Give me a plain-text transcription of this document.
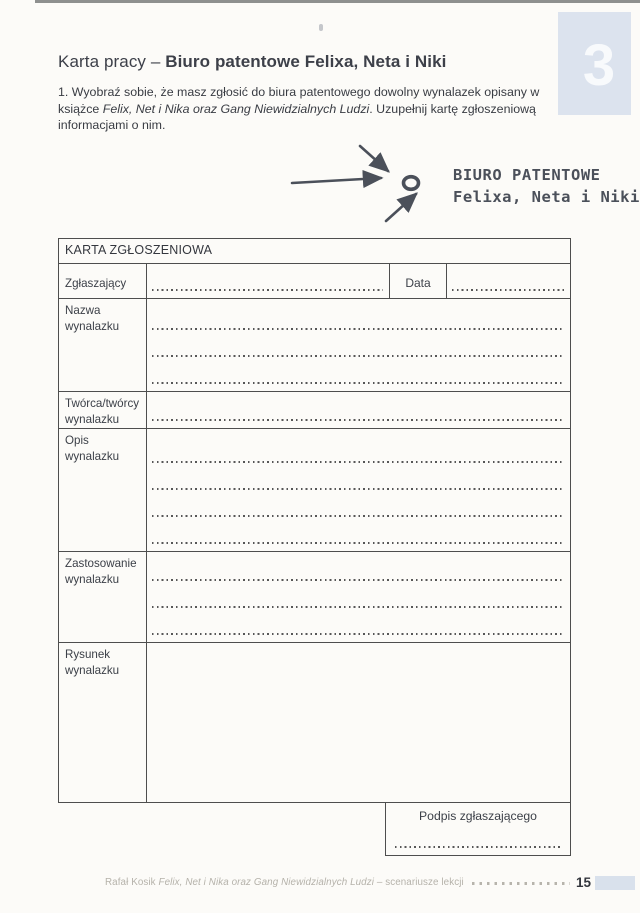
3
Karta pracy – Biuro patentowe Felixa, Neta i Niki

1. Wyobraź sobie, że masz zgłosić do biura patentowego dowolny wynalazek opisany w książce Felix, Net i Nika oraz Gang Niewidzialnych Ludzi. Uzupełnij kartę zgłoszeniową informacjami o nim.

BIURO PATENTOWE
Felixa, Neta i Niki
KARTA ZGŁOSZENIOWA
Zgłaszający	Data
Nazwa wynalazku
Twórca/twórcy wynalazku
Opis wynalazku
Zastosowanie wynalazku
Rysunek wynalazku
Podpis zgłaszającego
Rafał Kosik Felix, Net i Nika oraz Gang Niewidzialnych Ludzi – scenariusze lekcji	15
